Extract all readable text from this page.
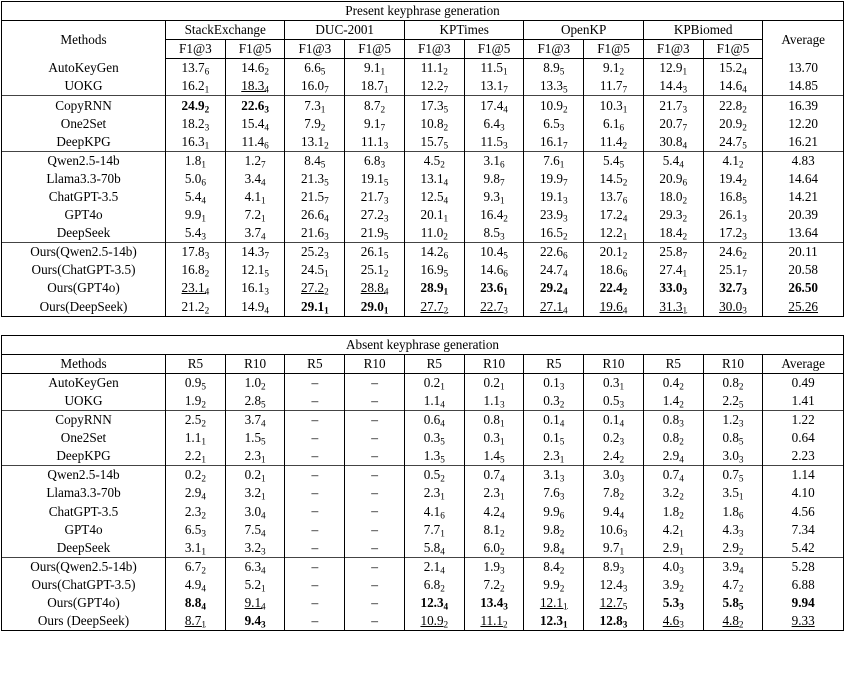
Present keyphrase generation											
Methods	StackExchange		DUC-2001		KPTimes		OpenKP		KPBiomed		Average
	F1@3	F1@5	F1@3	F1@5	F1@3	F1@5	F1@3	F1@5	F1@3	F1@5	
AutoKeyGen	$13.7_6$	$14.6_2$	$6.6_5$	$9.1_1$	$11.1_2$	$11.5_1$	$8.9_5$	$9.1_2$	$12.9_1$	$15.2_4$	13.70
UOKG	$16.2_1$	$18.3_4$	$16.0_7$	$18.7_1$	$12.2_7$	$13.1_7$	$13.3_5$	$11.7_7$	$14.4_3$	$14.6_4$	14.85
CopyRNN	$24.9_2$	$22.6_3$	$7.3_1$	$8.7_2$	$17.3_5$	$17.4_4$	$10.9_2$	$10.3_1$	$21.7_3$	$22.8_2$	16.39
One2Set	$18.2_3$	$15.4_4$	$7.9_2$	$9.1_7$	$10.8_2$	$6.4_3$	$6.5_3$	$6.1_6$	$20.7_7$	$20.9_2$	12.20
DeepKPG	$16.3_1$	$11.4_6$	$13.1_2$	$11.1_3$	$15.7_5$	$11.5_3$	$16.1_7$	$11.4_2$	$30.8_4$	$24.7_5$	16.21
Qwen2.5-14b	$1.8_1$	$1.2_7$	$8.4_5$	$6.8_3$	$4.5_2$	$3.1_6$	$7.6_1$	$5.4_5$	$5.4_4$	$4.1_2$	4.83
Llama3.3-70b	$5.0_6$	$3.4_4$	$21.3_5$	$19.1_5$	$13.1_4$	$9.8_7$	$19.9_7$	$14.5_2$	$20.9_6$	$19.4_2$	14.64
ChatGPT-3.5	$5.4_4$	$4.1_1$	$21.5_7$	$21.7_3$	$12.5_4$	$9.3_1$	$19.1_3$	$13.7_6$	$18.0_2$	$16.8_5$	14.21
GPT4o	$9.9_1$	$7.2_1$	$26.6_4$	$27.2_3$	$20.1_1$	$16.4_2$	$23.9_3$	$17.2_4$	$29.3_2$	$26.1_3$	20.39
DeepSeek	$5.4_3$	$3.7_4$	$21.6_3$	$21.9_5$	$11.0_2$	$8.5_3$	$16.5_2$	$12.2_1$	$18.4_2$	$17.2_3$	13.64
Ours(Qwen2.5-14b)	$17.8_3$	$14.3_7$	$25.2_3$	$26.1_5$	$14.2_6$	$10.4_5$	$22.6_6$	$20.1_2$	$25.8_7$	$24.6_2$	20.11
Ours(ChatGPT-3.5)	$16.8_2$	$12.1_5$	$24.5_1$	$25.1_2$	$16.9_5$	$14.6_6$	$24.7_4$	$18.6_6$	$27.4_1$	$25.1_7$	20.58
Ours(GPT4o)	$23.1_4$	$16.1_3$	$27.2_2$	$28.8_4$	$28.9_1$	$23.6_1$	$29.2_4$	$22.4_2$	$33.0_3$	$32.7_3$	26.50
Ours(DeepSeek)	$21.2_2$	$14.9_4$	$29.1_1$	$29.0_1$	$27.7_2$	$22.7_3$	$27.1_4$	$19.6_4$	$31.3_1$	$30.0_3$	25.26

Absent keyphrase generation											
Methods	R5	R10	R5	R10	R5	R10	R5	R10	R5	R10	Average
AutoKeyGen	$0.9_5$	$1.0_2$	–	–	$0.2_1$	$0.2_1$	$0.1_3$	$0.3_1$	$0.4_2$	$0.8_2$	0.49
UOKG	$1.9_2$	$2.8_5$	–	–	$1.1_4$	$1.1_3$	$0.3_2$	$0.5_3$	$1.4_2$	$2.2_5$	1.41
CopyRNN	$2.5_2$	$3.7_4$	–	–	$0.6_4$	$0.8_1$	$0.1_4$	$0.1_4$	$0.8_3$	$1.2_3$	1.22
One2Set	$1.1_1$	$1.5_5$	–	–	$0.3_5$	$0.3_1$	$0.1_5$	$0.2_3$	$0.8_2$	$0.8_5$	0.64
DeepKPG	$2.2_1$	$2.3_1$	–	–	$1.3_5$	$1.4_5$	$2.3_1$	$2.4_2$	$2.9_4$	$3.0_3$	2.23
Qwen2.5-14b	$0.2_2$	$0.2_1$	–	–	$0.5_2$	$0.7_4$	$3.1_3$	$3.0_3$	$0.7_4$	$0.7_5$	1.14
Llama3.3-70b	$2.9_4$	$3.2_1$	–	–	$2.3_1$	$2.3_1$	$7.6_3$	$7.8_2$	$3.2_2$	$3.5_1$	4.10
ChatGPT-3.5	$2.3_2$	$3.0_4$	–	–	$4.1_6$	$4.2_4$	$9.9_6$	$9.4_4$	$1.8_2$	$1.8_6$	4.56
GPT4o	$6.5_3$	$7.5_4$	–	–	$7.7_1$	$8.1_2$	$9.8_2$	$10.6_3$	$4.2_1$	$4.3_3$	7.34
DeepSeek	$3.1_1$	$3.2_3$	–	–	$5.8_4$	$6.0_2$	$9.8_4$	$9.7_1$	$2.9_1$	$2.9_2$	5.42
Ours(Qwen2.5-14b)	$6.7_2$	$6.3_4$	–	–	$2.1_4$	$1.9_3$	$8.4_2$	$8.9_3$	$4.0_3$	$3.9_4$	5.28
Ours(ChatGPT-3.5)	$4.9_4$	$5.2_1$	–	–	$6.8_2$	$7.2_2$	$9.9_2$	$12.4_3$	$3.9_2$	$4.7_2$	6.88
Ours(GPT4o)	$8.8_4$	$9.1_4$	–	–	$12.3_4$	$13.4_3$	$12.1_1$	$12.7_5$	$5.3_3$	$5.8_5$	9.94
Ours (DeepSeek)	$8.7_1$	$9.4_3$	–	–	$10.9_2$	$11.1_2$	$12.3_1$	$12.8_3$	$4.6_3$	$4.8_2$	9.33
